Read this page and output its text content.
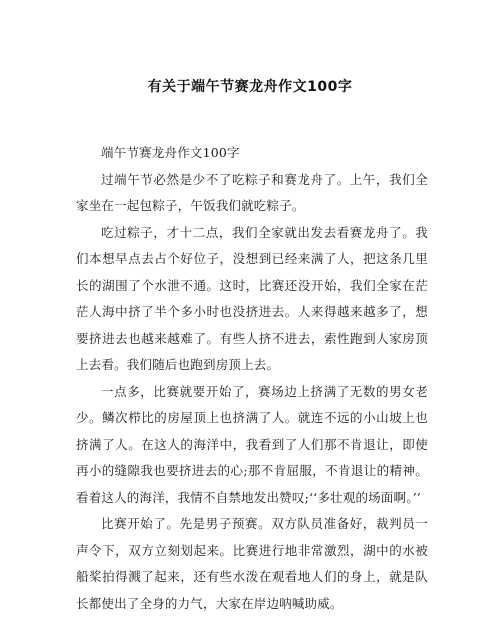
有关于端午节赛龙舟作文100字

端午节赛龙舟作文100字

过端午节必然是少不了吃粽子和赛龙舟了。上午，我们全家坐在一起包粽子，午饭我们就吃粽子。

吃过粽子，才十二点，我们全家就出发去看赛龙舟了。我们本想早点去占个好位子，没想到已经来满了人，把这条几里长的湖围了个水泄不通。这时，比赛还没开始，我们全家在茫茫人海中挤了半个多小时也没挤进去。人来得越来越多了，想要挤进去也越来越难了。有些人挤不进去，索性跑到人家房顶上去看。我们随后也跑到房顶上去。

一点多，比赛就要开始了，赛场边上挤满了无数的男女老少。鳞次栉比的房屋顶上也挤满了人。就连不远的小山坡上也挤满了人。在这人的海洋中，我看到了人们那不肯退让，即使再小的缝隙我也要挤进去的心;那不肯屈服，不肯退让的精神。看着这人的海洋，我情不自禁地发出赞叹;‘‘多壮观的场面啊。’’

比赛开始了。先是男子预赛。双方队员准备好，裁判员一声令下，双方立刻划起来。比赛进行地非常激烈，湖中的水被船桨拍得溅了起来，还有些水泼在观看地人们的身上，就是队长都使出了全身的力气，大家在岸边呐喊助威。
